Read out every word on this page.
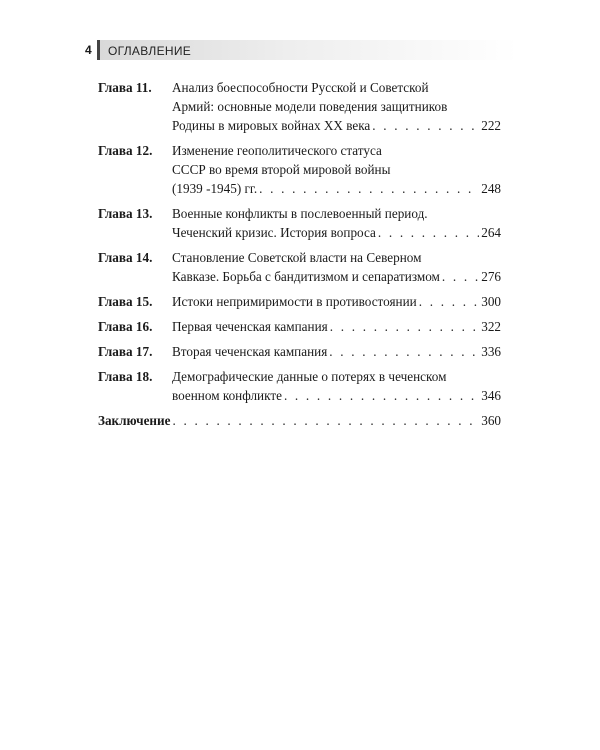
4 ОГЛАВЛЕНИЕ
Глава 11. Анализ боеспособности Русской и Советской
Армий: основные модели поведения защитников
Родины в мировых войнах XX века . . .	222
Глава 12. Изменение геополитического статуса
СССР во время второй мировой войны
(1939 -1945) гг. . . .	248
Глава 13. Военные конфликты в послевоенный период.
Чеченский кризис. История вопроса . . .	264
Глава 14. Становление Советской власти на Северном
Кавказе. Борьба с бандитизмом и сепаратизмом . . .	276
Глава 15. Истоки непримиримости в противостоянии . . .	300
Глава 16. Первая чеченская кампания . . .	322
Глава 17. Вторая чеченская кампания . . .	336
Глава 18. Демографические данные о потерях в чеченском
военном конфликте . . .	346
Заключение . . .	360
